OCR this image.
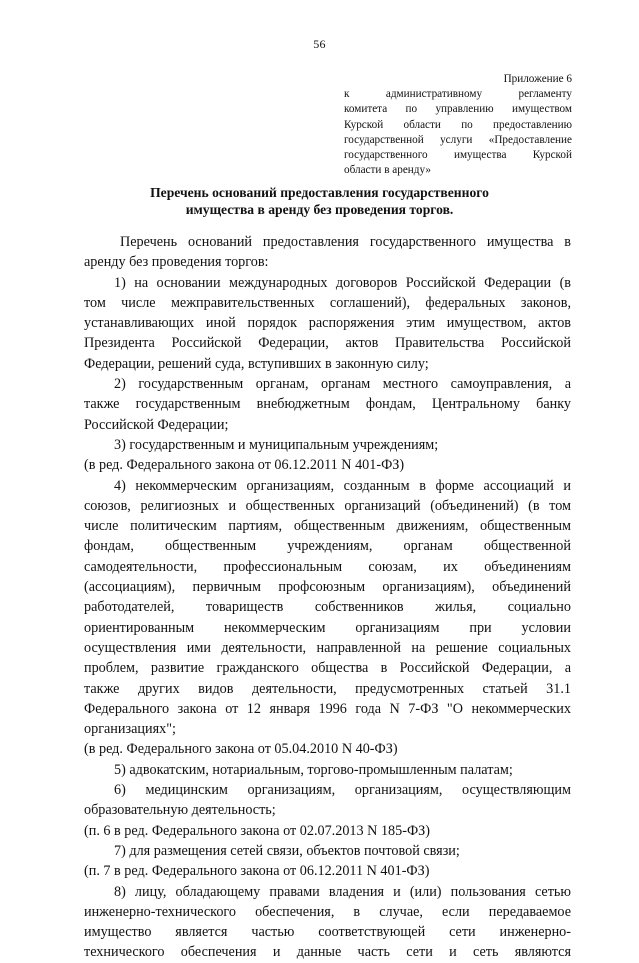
56
Приложение 6
к административному регламенту
комитета по управлению имуществом
Курской области по предоставлению
государственной услуги «Предоставление
государственного имущества Курской
области в аренду»
Перечень оснований предоставления государственного
имущества в аренду без проведения торгов.
Перечень оснований предоставления государственного имущества в
аренду без проведения торгов:
1) на основании международных договоров Российской Федерации (в
том числе межправительственных соглашений), федеральных законов,
устанавливающих иной порядок распоряжения этим имуществом, актов
Президента Российской Федерации, актов Правительства Российской
Федерации, решений суда, вступивших в законную силу;
2) государственным органам, органам местного самоуправления, а
также государственным внебюджетным фондам, Центральному банку
Российской Федерации;
3) государственным и муниципальным учреждениям;
(в ред. Федерального закона от 06.12.2011 N 401-ФЗ)
4) некоммерческим организациям, созданным в форме ассоциаций и
союзов, религиозных и общественных организаций (объединений) (в том
числе политическим партиям, общественным движениям, общественным
фондам, общественным учреждениям, органам общественной
самодеятельности, профессиональным союзам, их объединениям
(ассоциациям), первичным профсоюзным организациям), объединений
работодателей, товариществ собственников жилья, социально
ориентированным некоммерческим организациям при условии
осуществления ими деятельности, направленной на решение социальных
проблем, развитие гражданского общества в Российской Федерации, а
также других видов деятельности, предусмотренных статьей 31.1
Федерального закона от 12 января 1996 года N 7-ФЗ "О некоммерческих
организациях";
(в ред. Федерального закона от 05.04.2010 N 40-ФЗ)
5) адвокатским, нотариальным, торгово-промышленным палатам;
6) медицинским организациям, организациям, осуществляющим
образовательную деятельность;
(п. 6 в ред. Федерального закона от 02.07.2013 N 185-ФЗ)
7) для размещения сетей связи, объектов почтовой связи;
(п. 7 в ред. Федерального закона от 06.12.2011 N 401-ФЗ)
8) лицу, обладающему правами владения и (или) пользования сетью
инженерно-технического обеспечения, в случае, если передаваемое
имущество является частью соответствующей сети инженерно-
технического обеспечения и данные часть сети и сеть являются
